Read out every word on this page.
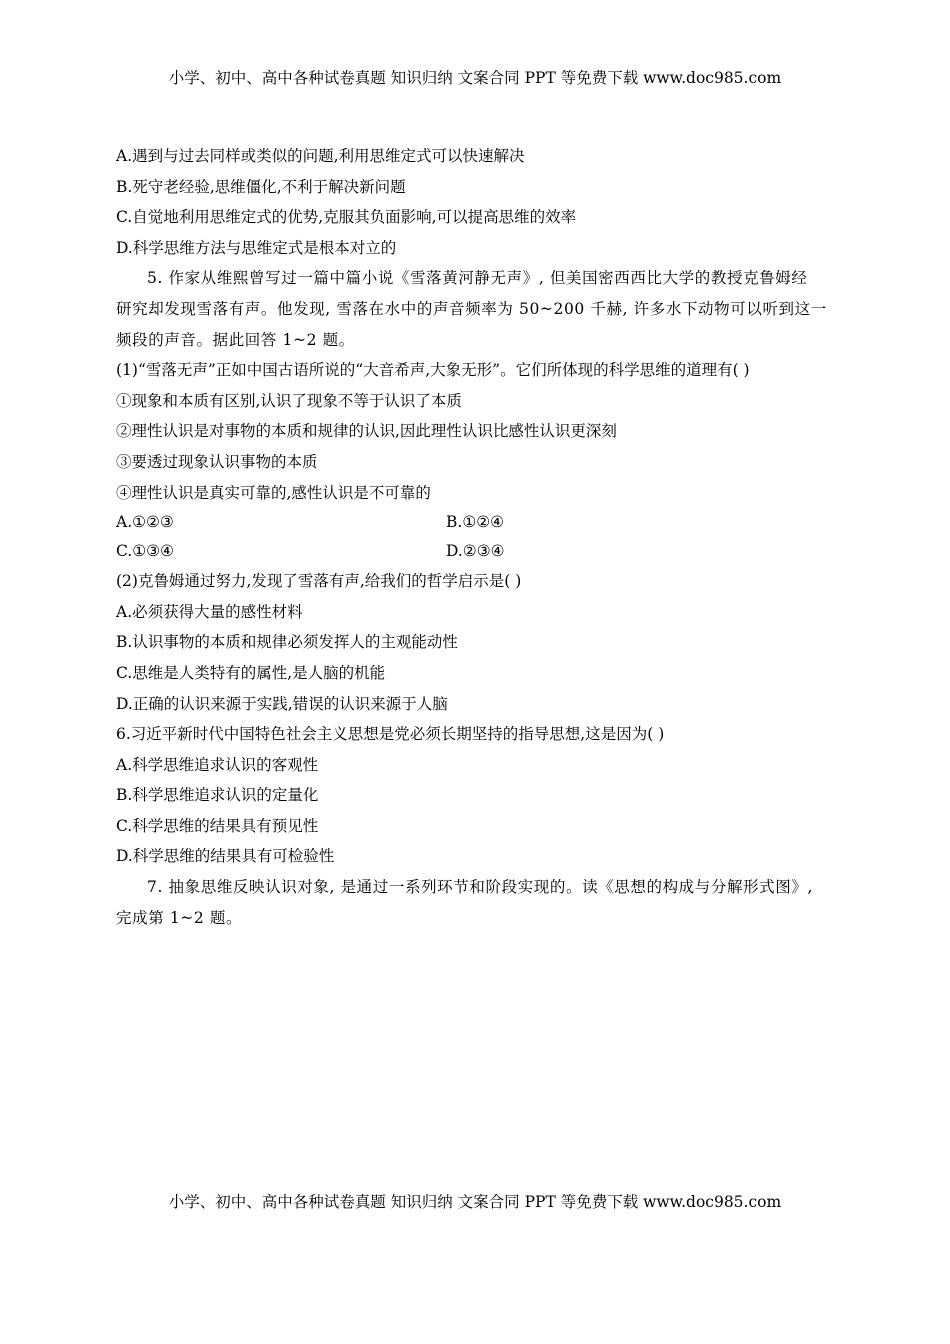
小学、初中、高中各种试卷真题 知识归纳 文案合同 PPT 等免费下载 www.doc985.com
A.遇到与过去同样或类似的问题,利用思维定式可以快速解决
B.死守老经验,思维僵化,不利于解决新问题
C.自觉地利用思维定式的优势,克服其负面影响,可以提高思维的效率
D.科学思维方法与思维定式是根本对立的
5. 作家从维熙曾写过一篇中篇小说《雪落黄河静无声》, 但美国密西西比大学的教授克鲁姆经
研究却发现雪落有声。他发现, 雪落在水中的声音频率为 50~200 千赫, 许多水下动物可以听到这一
频段的声音。据此回答 1~2 题。
(1)“雪落无声”正如中国古语所说的“大音希声,大象无形”。它们所体现的科学思维的道理有( )
①现象和本质有区别,认识了现象不等于认识了本质
②理性认识是对事物的本质和规律的认识,因此理性认识比感性认识更深刻
③要透过现象认识事物的本质
④理性认识是真实可靠的,感性认识是不可靠的
A.①②③	B.①②④
C.①③④	D.②③④
(2)克鲁姆通过努力,发现了雪落有声,给我们的哲学启示是( )
A.必须获得大量的感性材料
B.认识事物的本质和规律必须发挥人的主观能动性
C.思维是人类特有的属性,是人脑的机能
D.正确的认识来源于实践,错误的认识来源于人脑
6.习近平新时代中国特色社会主义思想是党必须长期坚持的指导思想,这是因为( )
A.科学思维追求认识的客观性
B.科学思维追求认识的定量化
C.科学思维的结果具有预见性
D.科学思维的结果具有可检验性
7. 抽象思维反映认识对象, 是通过一系列环节和阶段实现的。读《思想的构成与分解形式图》,
完成第 1~2 题。
小学、初中、高中各种试卷真题 知识归纳 文案合同 PPT 等免费下载 www.doc985.com
